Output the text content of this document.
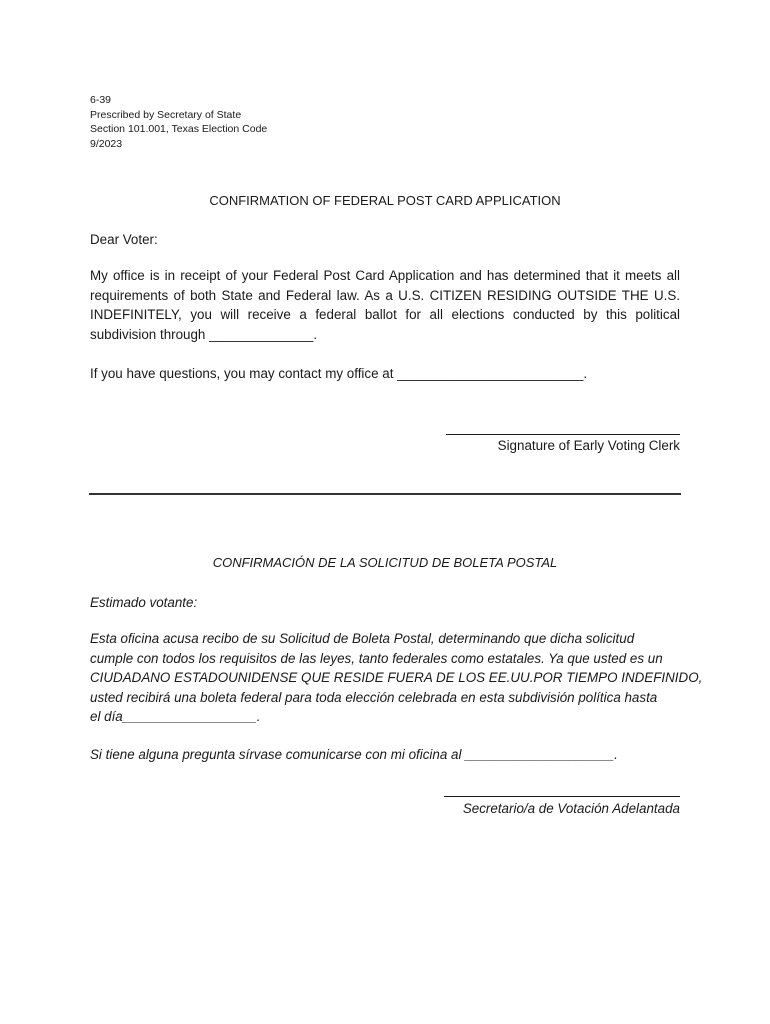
6-39
Prescribed by Secretary of State
Section 101.001, Texas Election Code
9/2023
CONFIRMATION OF FEDERAL POST CARD APPLICATION
Dear Voter:
My office is in receipt of your Federal Post Card Application and has determined that it meets all requirements of both State and Federal law. As a U.S. CITIZEN RESIDING OUTSIDE THE U.S. INDEFINITELY, you will receive a federal ballot for all elections conducted by this political subdivision through ______________.
If you have questions, you may contact my office at _________________________.
Signature of Early Voting Clerk
CONFIRMACIÓN DE LA SOLICITUD DE BOLETA POSTAL
Estimado votante:
Esta oficina acusa recibo de su Solicitud de Boleta Postal, determinando que dicha solicitud
cumple con todos los requisitos de las leyes, tanto federales como estatales. Ya que usted es un
CIUDADANO ESTADOUNIDENSE QUE RESIDE FUERA DE LOS EE.UU.POR TIEMPO INDEFINIDO,
usted recibirá una boleta federal para toda elección celebrada en esta subdivisión política hasta
el día__________________.
Si tiene alguna pregunta sírvase comunicarse con mi oficina al ____________________.
Secretario/a de Votación Adelantada
